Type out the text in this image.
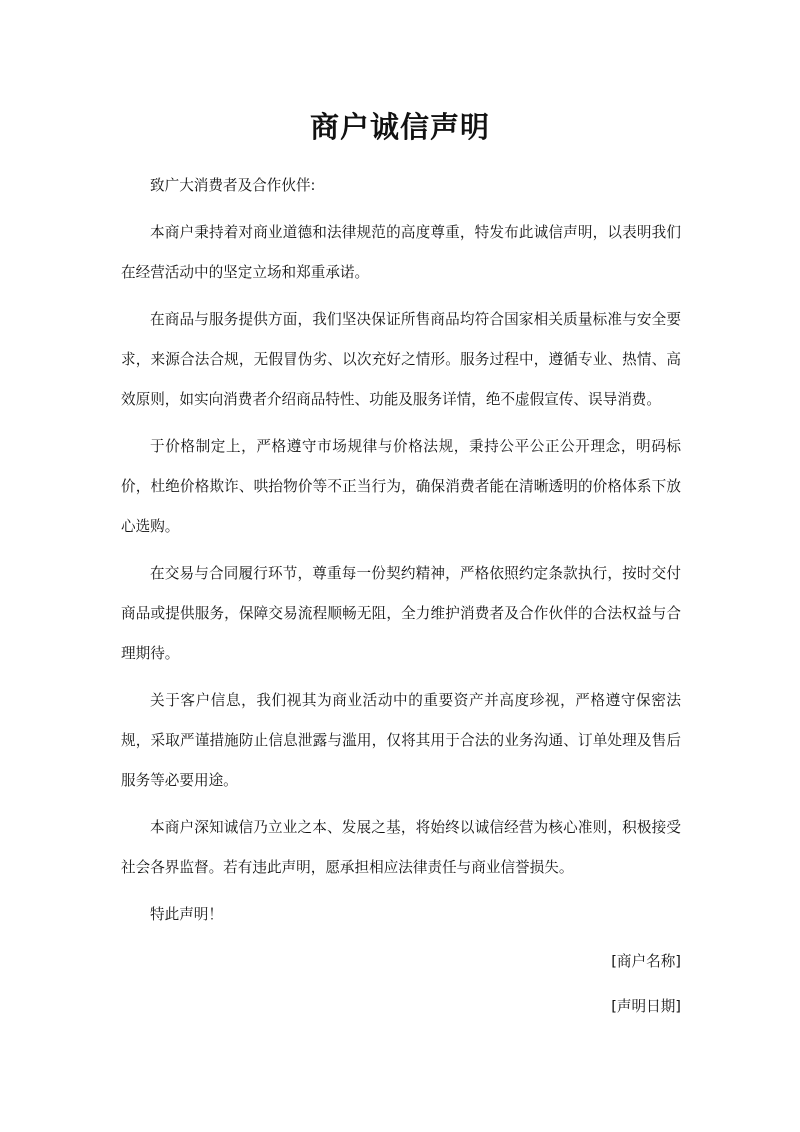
商户诚信声明

致广大消费者及合作伙伴:

本商户秉持着对商业道德和法律规范的高度尊重，特发布此诚信声明，以表明我们在经营活动中的坚定立场和郑重承诺。

在商品与服务提供方面，我们坚决保证所售商品均符合国家相关质量标准与安全要求，来源合法合规，无假冒伪劣、以次充好之情形。服务过程中，遵循专业、热情、高效原则，如实向消费者介绍商品特性、功能及服务详情，绝不虚假宣传、误导消费。

于价格制定上，严格遵守市场规律与价格法规，秉持公平公正公开理念，明码标价，杜绝价格欺诈、哄抬物价等不正当行为，确保消费者能在清晰透明的价格体系下放心选购。

在交易与合同履行环节，尊重每一份契约精神，严格依照约定条款执行，按时交付商品或提供服务，保障交易流程顺畅无阻，全力维护消费者及合作伙伴的合法权益与合理期待。

关于客户信息，我们视其为商业活动中的重要资产并高度珍视，严格遵守保密法规，采取严谨措施防止信息泄露与滥用，仅将其用于合法的业务沟通、订单处理及售后服务等必要用途。

本商户深知诚信乃立业之本、发展之基，将始终以诚信经营为核心准则，积极接受社会各界监督。若有违此声明，愿承担相应法律责任与商业信誉损失。

特此声明！

[商户名称]

[声明日期]
